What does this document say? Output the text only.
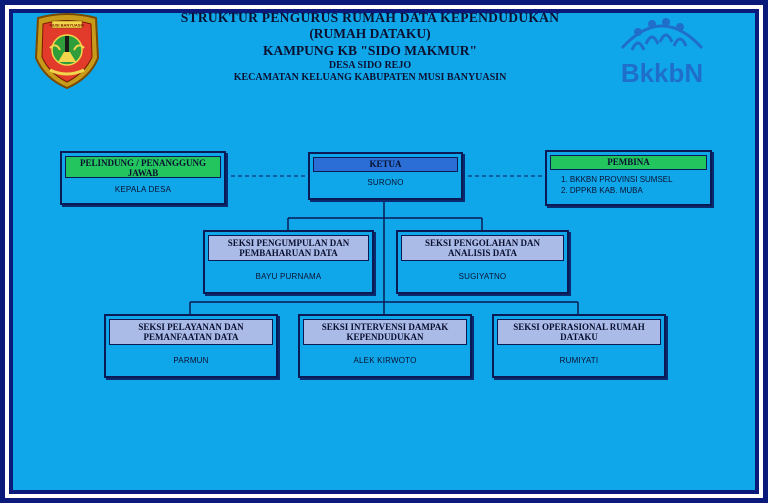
MUSI BANYUASIN
BkkbN
STRUKTUR PENGURUS RUMAH DATA KEPENDUDUKAN
(RUMAH DATAKU)
KAMPUNG KB "SIDO MAKMUR"
DESA SIDO REJO
KECAMATAN KELUANG KABUPATEN MUSI BANYUASIN
PELINDUNG / PENANGGUNG JAWAB
KEPALA DESA
KETUA
SURONO
PEMBINA
1. BKKBN PROVINSI SUMSEL
2. DPPKB KAB. MUBA
SEKSI PENGUMPULAN DAN PEMBAHARUAN DATA
BAYU PURNAMA
SEKSI PENGOLAHAN DAN ANALISIS DATA
SUGIYATNO
SEKSI PELAYANAN DAN PEMANFAATAN DATA
PARMUN
SEKSI INTERVENSI DAMPAK KEPENDUDUKAN
ALEK KIRWOTO
SEKSI OPERASIONAL RUMAH DATAKU
RUMIYATI
